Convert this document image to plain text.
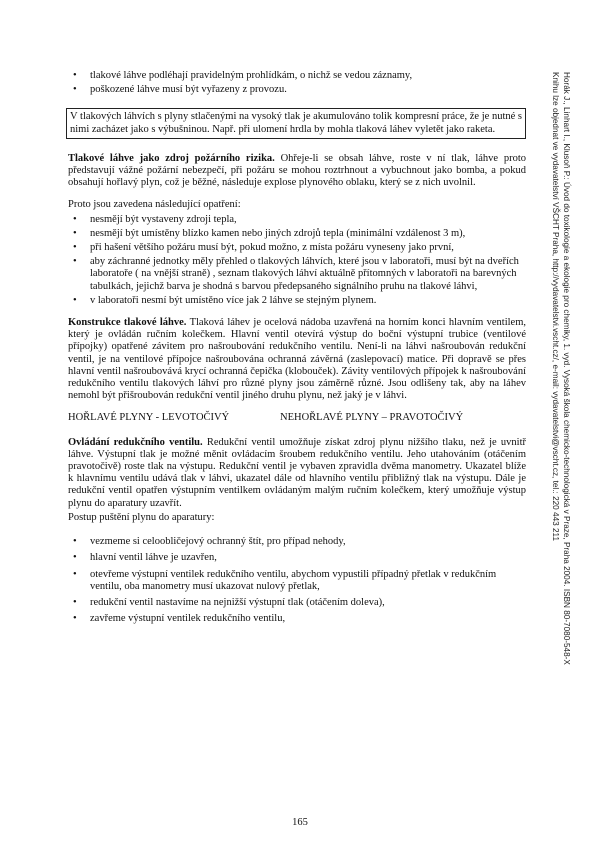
• tlakové láhve podléhají pravidelným prohlídkám, o nichž se vedou záznamy,
• poškozené láhve musí být vyřazeny z provozu.
V tlakových láhvích s plyny stlačenými na vysoký tlak je akumulováno tolik kompresní práce, že je nutné s nimi zacházet jako s výbušninou. Např. při ulomení hrdla by mohla tlaková láhev vyletět jako raketa.

Tlakové láhve jako zdroj požárního rizika. Ohřeje-li se obsah láhve, roste v ní tlak, láhve proto představují vážné požární nebezpečí, při požáru se mohou roztrhnout a vybuchnout jako bomba, a pokud obsahují hořlavý plyn, což je běžné, následuje explose plynového oblaku, který se z nich uvolnil.

Proto jsou zavedena následující opatření:

• nesmějí být vystaveny zdroji tepla,
• nesmějí být umístěny blízko kamen nebo jiných zdrojů tepla (minimální vzdálenost 3 m),
• při hašení většího požáru musí být, pokud možno, z místa požáru vyneseny jako první,
• aby záchranné jednotky měly přehled o tlakových láhvích, které jsou v laboratoři, musí být na dveřích laboratoře ( na vnější straně) , seznam tlakových láhví aktuálně přítomných v laboratoři na barevných tabulkách, jejichž barva je shodná s barvou předepsaného signálního pruhu na tlakové láhvi,
• v laboratoři nesmí být umístěno více jak 2 láhve se stejným plynem.

Konstrukce tlakové láhve. Tlaková láhev je ocelová nádoba uzavřená na horním konci hlavním ventilem, který je ovládán ručním kolečkem. Hlavní ventil otevírá výstup do boční výstupní trubice (ventilové přípojky) opatřené závitem pro našroubování redukčního ventilu. Není-li na láhvi našroubován redukční ventil, je na ventilové přípojce našroubována ochranná závěrná (zaslepovací) matice. Při dopravě se přes hlavní ventil našroubovává krycí ochranná čepička (klobouček). Závity ventilových přípojek k našroubování redukčního ventilu tlakových láhví pro různé plyny jsou záměrně různé. Jsou odlišeny tak, aby na láhev nemohl být přišroubován redukční ventil jiného druhu plynu, než jaký je v láhvi.

HOŘLAVÉ PLYNY - LEVOTOČIVÝ	NEHOŘLAVÉ PLYNY – PRAVOTOČIVÝ

Ovládání redukčního ventilu. Redukční ventil umožňuje získat zdroj plynu nižšího tlaku, než je uvnitř láhve. Výstupní tlak je možné měnit ovládacím šroubem redukčního ventilu. Jeho utahováním (otáčením pravotočivě) roste tlak na výstupu. Redukční ventil je vybaven zpravidla dvěma manometry. Ukazatel blíže k hlavnímu ventilu udává tlak v láhvi, ukazatel dále od hlavního ventilu přibližný tlak na výstupu. Dále je redukční ventil opatřen výstupním ventilkem ovládaným malým ručním kolečkem, který umožňuje výstup plynu do aparatury uzavřít.

Postup puštění plynu do aparatury:

• vezmeme si celoobličejový ochranný štít, pro případ nehody,
• hlavní ventil láhve je uzavřen,
• otevřeme výstupní ventilek redukčního ventilu, abychom vypustili případný přetlak v redukčním ventilu, oba manometry musí ukazovat nulový přetlak,
• redukční ventil nastavíme na nejnižší výstupní tlak (otáčením doleva),
• zavřeme výstupní ventilek redukčního ventilu,
165
Horák J., Linhart I., Klusoň P.: Úvod do toxikologie a ekologie pro chemiky, 1. vyd. Vysoká škola chemicko-technologická v Praze, Praha 2004. ISBN 80-7080-548-X
Knihu lze objednat ve vydavatelství VŠCHT Praha, http://vydavatelstvi.vscht.cz/, e-mail: vydavatelstvi@vscht.cz, tel.: 220 443 211
